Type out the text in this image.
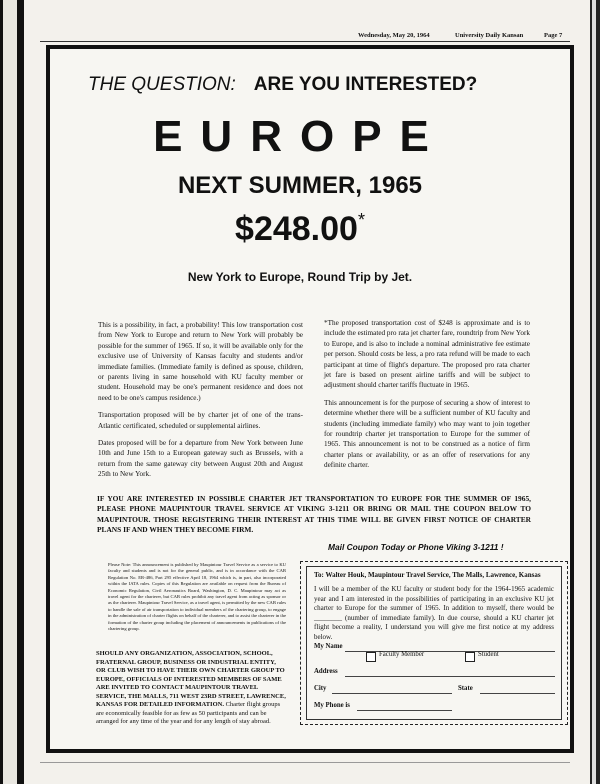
Wednesday, May 20, 1964	University Daily Kansan	Page 7
THE QUESTION: ARE YOU INTERESTED?
EUROPE
NEXT SUMMER, 1965
$248.00*
New York to Europe, Round Trip by Jet.

This is a possibility, in fact, a probability! This low transportation cost from New York to Europe and return to New York will probably be possible for the summer of 1965. If so, it will be available only for the exclusive use of University of Kansas faculty and students and/or immediate families. (Immediate family is defined as spouse, children, or parents living in same household with KU faculty member or student. Household may be one's permanent residence and does not need to be one's campus residence.)

Transportation proposed will be by charter jet of one of the trans-Atlantic certificated, scheduled or supplemental airlines.

Dates proposed will be for a departure from New York between June 10th and June 15th to a European gateway such as Brussels, with a return from the same gateway city between August 20th and August 25th to New York.

*The proposed transportation cost of $248 is approximate and is to include the estimated pro rata jet charter fare, roundtrip from New York to Europe, and is also to include a nominal administrative fee estimate per person. Should costs be less, a pro rata refund will be made to each participant at time of flight's departure. The proposed pro rata charter jet fare is based on present airline tariffs and will be subject to adjustment should charter tariffs fluctuate in 1965.

This announcement is for the purpose of securing a show of interest to determine whether there will be a sufficient number of KU faculty and students (including immediate family) who may want to join together for roundtrip charter jet transportation to Europe for the summer of 1965. This announcement is not to be construed as a notice of firm charter plans or availability, or as an offer of reservations for any definite charter.

IF YOU ARE INTERESTED IN POSSIBLE CHARTER JET TRANSPORTATION TO EUROPE FOR THE SUMMER OF 1965, PLEASE PHONE MAUPINTOUR TRAVEL SERVICE AT VIKING 3-1211 OR BRING OR MAIL THE COUPON BELOW TO MAUPINTOUR. THOSE REGISTERING THEIR INTEREST AT THIS TIME WILL BE GIVEN FIRST NOTICE OF CHARTER PLANS IF AND WHEN THEY BECOME FIRM.
Mail Coupon Today or Phone Viking 3-1211 !
Please Note: This announcement is published by Maupintour Travel Service as a service to KU faculty and students and is not for the general public, and is in accordance with the CAB Regulation No. ER-486, Part 295 effective April 18, 1964 which is, in part, also incorporated within the IATA rules. Copies of this Regulation are available on request from the Bureau of Economic Regulation, Civil Aeronautics Board, Washington, D. C. Maupintour may act as travel agent for the charterer, but CAB rules prohibit any travel agent from acting as sponsor or as the charterer. Maupintour Travel Service, as a travel agent, is permitted by the new CAB rules to handle the sale of air transportation to individual members of the chartering group, to engage in the administration of charter flights on behalf of the charterer, and to assist the charterer in the formation of the charter group including the placement of announcements in publications of the chartering group.
SHOULD ANY ORGANIZATION, ASSOCIATION, SCHOOL, FRATERNAL GROUP, BUSINESS OR INDUSTRIAL ENTITY, OR CLUB WISH TO HAVE THEIR OWN CHARTER GROUP TO EUROPE, OFFICIALS OF INTERESTED MEMBERS OF SAME ARE INVITED TO CONTACT MAUPINTOUR TRAVEL SERVICE, THE MALLS, 711 WEST 23RD STREET, LAWRENCE, KANSAS FOR DETAILED INFORMATION. Charter flight groups are economically feasible for as few as 50 participants and can be arranged for any time of the year and for any length of stay abroad.
To: Walter Houk, Maupintour Travel Service, The Malls, Lawrence, Kansas
I will be a member of the KU faculty or student body for the 1964-1965 academic year and I am interested in the possibilities of participating in an exclusive KU jet charter to Europe for the summer of 1965. In addition to myself, there would be ________ (number of immediate family). In due course, should a KU charter jet flight become a reality, I understand you will give me first notice at my address below.
My Name
Faculty Member	Student
Address
City	State
My Phone is
